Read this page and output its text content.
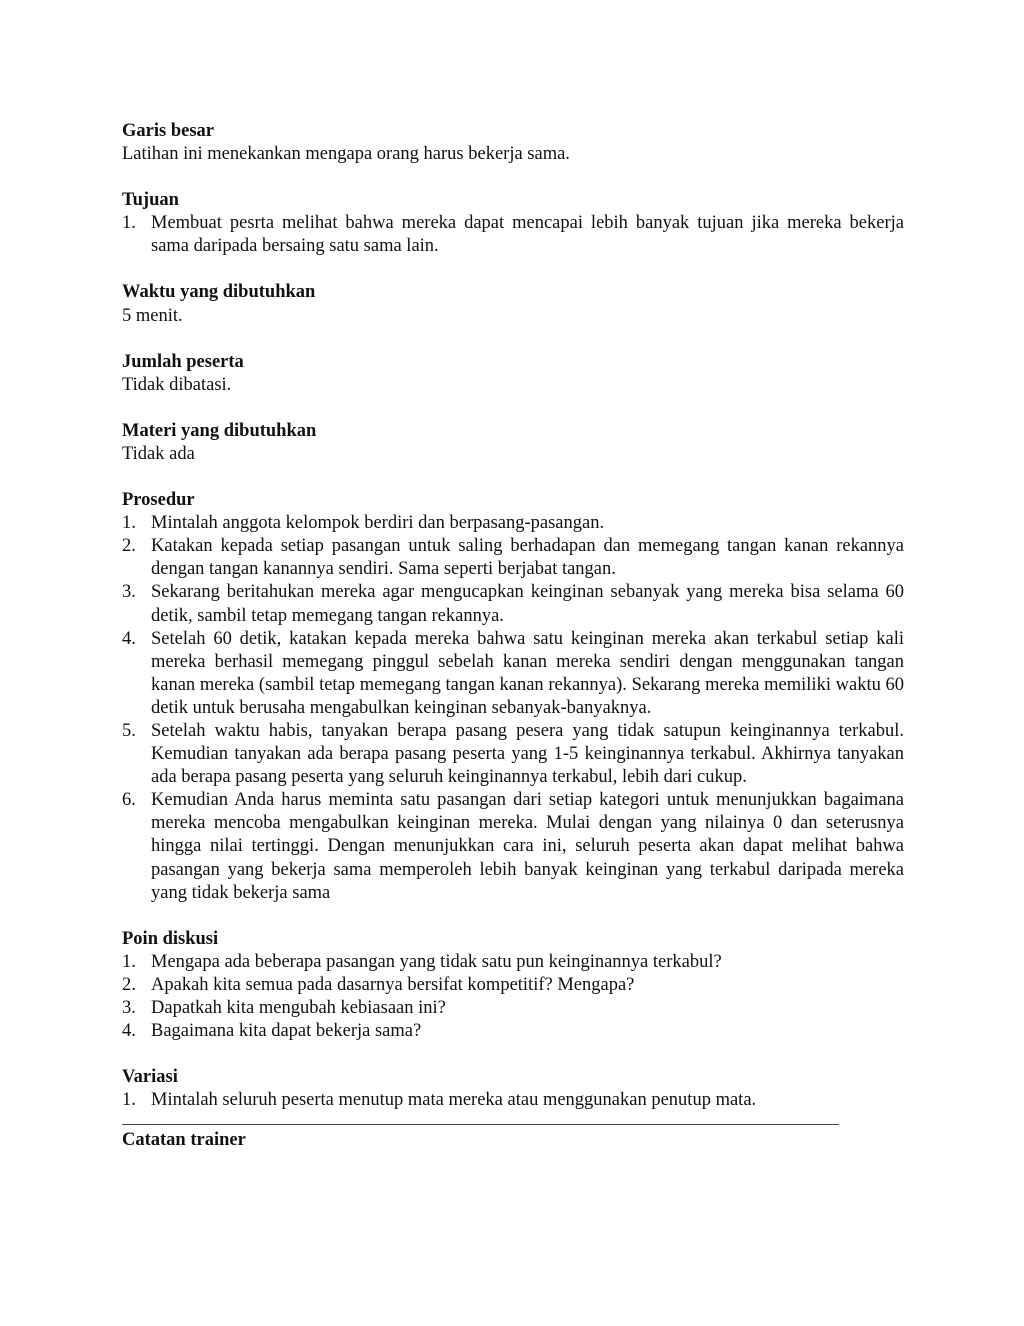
Garis besar
Latihan ini menekankan mengapa orang harus bekerja sama.
Tujuan
1. Membuat pesrta melihat bahwa mereka dapat mencapai lebih banyak tujuan jika mereka bekerja sama daripada bersaing satu sama lain.
Waktu yang dibutuhkan
5 menit.
Jumlah peserta
Tidak dibatasi.
Materi yang dibutuhkan
Tidak ada
Prosedur
1. Mintalah anggota kelompok berdiri dan berpasang-pasangan.
2. Katakan kepada setiap pasangan untuk saling berhadapan dan memegang tangan kanan rekannya dengan tangan kanannya sendiri. Sama seperti berjabat tangan.
3. Sekarang beritahukan mereka agar mengucapkan keinginan sebanyak yang mereka bisa selama 60 detik, sambil tetap memegang tangan rekannya.
4. Setelah 60 detik, katakan kepada mereka bahwa satu keinginan mereka akan terkabul setiap kali mereka berhasil memegang pinggul sebelah kanan mereka sendiri dengan menggunakan tangan kanan mereka (sambil tetap memegang tangan kanan rekannya). Sekarang mereka memiliki waktu 60 detik untuk berusaha mengabulkan keinginan sebanyak-banyaknya.
5. Setelah waktu habis, tanyakan berapa pasang pesera yang tidak satupun keinginannya terkabul. Kemudian tanyakan ada berapa pasang peserta yang 1-5 keinginannya terkabul. Akhirnya tanyakan ada berapa pasang peserta yang seluruh keinginannya terkabul, lebih dari cukup.
6. Kemudian Anda harus meminta satu pasangan dari setiap kategori untuk menunjukkan bagaimana mereka mencoba mengabulkan keinginan mereka. Mulai dengan yang nilainya 0 dan seterusnya hingga nilai tertinggi. Dengan menunjukkan cara ini, seluruh peserta akan dapat melihat bahwa pasangan yang bekerja sama memperoleh lebih banyak keinginan yang terkabul daripada mereka yang tidak bekerja sama
Poin diskusi
1. Mengapa ada beberapa pasangan yang tidak satu pun keinginannya terkabul?
2. Apakah kita semua pada dasarnya bersifat kompetitif? Mengapa?
3. Dapatkah kita mengubah kebiasaan ini?
4. Bagaimana kita dapat bekerja sama?
Variasi
1. Mintalah seluruh peserta menutup mata mereka atau menggunakan penutup mata.
Catatan trainer
